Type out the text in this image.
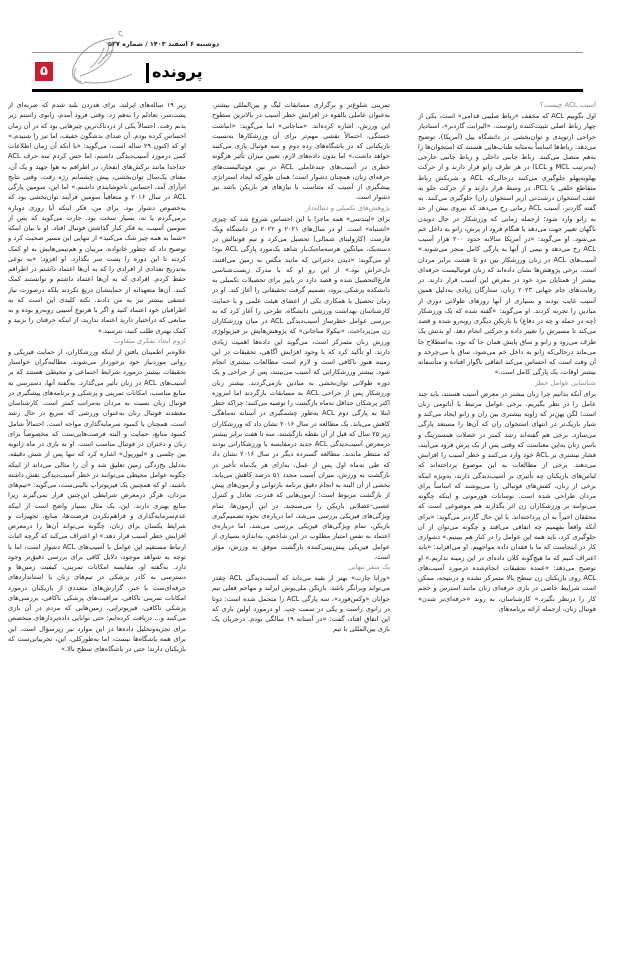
دوشنبه ۶ اسفند ۱۴۰۳ / شماره ۵۲۷
۵	پرونده
آسیب ACL چیست؟

اول بگوییم ACL که مخفف «رباط صلیبی قدامی» است، یکی از چهار رباط اصلی تثبیت‌کننده زانوست. «الیزابت گاردنر»، استادیار جراحی ارتوپدی و توان‌بخشی در دانشگاه ییل (آمریکا)، توضیح می‌دهد: رباط‌ها اساساً به‌مثابه طناب‌هایی هستند که استخوان‌ها را به‌هم متصل می‌کنند. رباط جانبی داخلی و رباط جانبی خارجی (به‌ترتیب MCL و LCL) در هر طرف زانو قرار دارند و از حرکت پهلوبه‌پهلو جلوگیری می‌کنند درحالی‌که ACL و شریکش رباط متقاطع خلفی یا PCL، در وسط قرار دارند و از حرکت جلو به عقب استخوان درشت‌نی (زیر استخوان ران) جلوگیری می‌کنند. به گفته گاردنر، آسیب ACL زمانی رخ می‌دهد که نیروی بیش از حد به زانو وارد شود؛ ازجمله زمانی که ورزشکار در حال دویدن ناگهان تغییر جهت می‌دهد یا هنگام فرود از پرش، زانو به داخل خم می‌شود. او می‌گوید: «در آمریکا سالانه حدود ۲۰۰ هزار آسیب ACL رخ می‌دهد و نیمی از آنها به پارگی کامل منجر می‌شوند.» آسیب‌های ACL در زنان ورزشکار بین دو تا هشت برابر مردان است. برخی پژوهش‌ها نشان داده‌اند که زنان فوتبالیست حرفه‌ای بیشتر از همتایان مرد خود در معرض این آسیب قرار دارند. در رقابت‌های جام جهانی ۲۰۲۳ زنان، ستارگان زیادی به‌دلیل همین آسیب غایب بودند و بسیاری از آنها روزهای طولانی دوری از میادین را تجربه کردند. او می‌گوید: «گفته شده که یک ورزشکار (چه در حمله و چه در دفاع) با بازیکن دیگری روبه‌رو شده و قصد می‌کند تا مسیرش را تغییر داده و حرکتی انجام دهد. او بدنش یک طرف می‌رود و زانو و ساق پایش همان جا که بود، به‌اصطلاح جا می‌ماند درحالی‌که زانو به داخل خم می‌شود، ساق پا می‌چرخد و آن وقت است که احساس می‌کند اتفاقی ناگوار افتاده و متأسفانه بیشتر اوقات، یک پارگی کامل است.»

شناسایی عوامل خطر

برای آنکه بدانیم چرا زنان بیشتر در معرض آسیب هستند، باید چند عامل را در نظر بگیریم. برخی عوامل مرتبط با آناتومی زنان است؛ لگن پهن‌تر که زاویه بیشتری بین ران و زانو ایجاد می‌کند و شیار باریک‌تر در انتهای استخوان ران که آن‌ها را مستعد پارگی می‌سازد. برخی هم گفته‌اند رشد کمتر در عضلات همسترینگ و باسن زنان به‌این معناست که وقتی پس از یک پرش فرود می‌آیند، فشار بیشتری بر ACL خود وارد می‌کنند و خطر آسیب را افزایش می‌دهند. برخی از مطالعات به این موضوع پرداخته‌اند که لباس‌های بازیکنان چه تأثیری بر آسیب‌دیدگی دارند، به‌ویژه اینکه برخی از زنان، کفش‌های فوتبالی را می‌پوشند که اساساً برای مردان طراحی شده است. نوسانات هورمونی و اینکه چگونه می‌توانند بر ورزشکاران زن اثر بگذارند هم موضوعی است که محققان اخیراً به آن پرداخته‌اند. با این حال گاردنر می‌گوید: «برای آنکه واقعاً بفهمیم چه اتفاقی می‌افتد و چگونه می‌توان از آن جلوگیری کرد، باید همه این عوامل را در کنار هم ببینیم.» دشواری کار در اینجاست که ما با فقدان داده مواجهیم. او می‌افزاید: «باید اعتراف کنیم که ما هیچ‌گونه کلان داده‌ای در این زمینه نداریم.» او توضیح می‌دهد: «عمده تحقیقات انجام‌شده درمورد آسیب‌های ACL روی بازیکنان زن سطح بالا متمرکز نشده و درنتیجه، ممکن است شرایط خاصی در بازی حرفه‌ای زنان مانند استرس و حجم کار را درنظر نگیرد.» کارشناسان، به روند «حرفه‌ای‌تر شدن» فوتبال زنان، ازجمله ارائه برنامه‌های

تمرینی شلوغ‌تر و برگزاری مسابقات لیگ و بین‌المللی بیشتر، به‌عنوان عاملی بالقوه در افزایش خطر آسیب در بالاترین سطوح این ورزش، اشاره کرده‌اند. «مناجانی» اما می‌گوید: «انباشت خستگی، احتمالاً نقشی مهم‌تر برای آن ورزشکارها به‌نسبت بازیکنانی که در باشگاه‌های رده دوم و سه فوتبال بازی می‌کنند خواهد داشت.» اما بدون داده‌های لازم، تعیین میزان تأثیر هرگونه خطری در آسیب‌های چندعاملی ACL در بین فوتبالیست‌های حرفه‌ای زنان، همچنان دشوار است؛ همان طورکه ایجاد استراتژی پیشگیری از آسیب که متناسب با نیازهای هر بازیکن باشد نیز دشوار است.

پژوهش‌های تکمیلی و دنباله‌دار

برای «لیندسی» همه ماجرا با این احساس شروع شد که چیزی «اشتباه» است. او در سال‌های ۲۰۲۱ و ۲۰۲۲ در دانشگاه ویک فارست (کارولینای شمالی) تحصیل می‌کرد و تیم فوتبالش در دسته‌یک، میانگین هرسه‌ماه‌یک‌بار شاهد یک‌مورد پارگی ACL بود؛ او می‌گوید: «دیدن دخترانی که مانند مگس به زمین می‌افتند، دل‌خراش بود.» از این رو او که با مدرک زیست‌شناسی فارغ‌التحصیل شده و قصد دارد در پاییز برای تحصیلات تکمیلی به دانشکده پزشکی برود، تصمیم گرفت تحقیقاتی را آغاز کند. او در زمان تحصیل با همکاری یکی از اعضای هیئت علمی و با حمایت کارشناسان بهداشت ورزشی دانشگاه، طرحی را آغاز کرد که به بررسی عوامل خطرساز آسیب‌دیدگی ACL در میان ورزشکاران زن می‌پرداخت. «نیکولا مناجانی» که پژوهش‌هایش بر فیزیولوژی ورزش زنان متمرکز است، می‌گوید این داده‌ها اهمیت زیادی دارند. او تأکید کرد که با وجود افزایش آگاهی، تحقیقات در این زمینه هنوز ناکافی است و لازم است مطالعات بیشتری انجام شود. بیشتر ورزشکارانی که آسیب می‌بینند، پس از جراحی و یک دوره طولانی توان‌بخشی به میادین بازمی‌گردند. بیشتر زنان ورزشکار پس از جراحی ACL به مسابقات بازگردند اما امروزه اکثر پزشکان حداقل نه‌ماه بازگشت را توصیه می‌کنند؛ چراکه خطر ابتلا به پارگی دوم ACL به‌طور چشمگیری در آستانه نه‌ماهگی کاهش می‌یابد. یک مطالعه در سال ۲۰۱۶ نشان داد که ورزشکاران زیر ۲۵ سال که قبل از آن نقطه بازگشتند، سه تا هفت برابر بیشتر درمعرض آسیب‌دیدگی ACL جدید درمقایسه با ورزشکارانی بودند که منتظر ماندند. مطالعه گسترده دیگر در سال ۲۰۱۶ نشان داد که طی نه‌ماه اول پس از عمل، به‌ازای هر یک‌ماه تأخیر در بازگشت به ورزش، میزان آسیب مجدد ۵۱ درصد کاهش می‌یابد. بخشی از آن البته به انجام دقیق برنامه بازتوانی و آزمون‌های پیش از بازگشت مربوط است؛ آزمون‌هایی که قدرت، تعادل و کنترل عصبی-عضلانی بازیکن را می‌سنجند. در این آزمون‌ها، تمام ویژگی‌های فیزیکی بررسی می‌شد، اما درباره‌ی نحوه تصمیم‌گیری بازیکن، تمام ویژگی‌های فیزیکی بررسی می‌شد، اما درباره‌ی اعتماد به نفس امتیاز مطلوب در این شاخص، به‌اندازه بسیاری از عوامل فیزیکی پیش‌بینی‌کننده بازگشت موفق به ورزش، مؤثر است.

یک سفر تنهایی

«ورانا جارت» بهتر از بقیه می‌داند که آسیب‌دیدگی ACL چقدر می‌تواند ویرانگر باشد. بازیکن ملی‌پوش ایرلند و مهاجم فعلی تیم جوانان «وکس‌فورد»، سه پارگی ACL را متحمل شده است: دوتا در زانوی راست و یکی در سمت چپ. او درمورد اولین باری که این اتفاق افتاد، گفت: «در آستانه ۱۹ سالگی بودم. درجریان یک بازی بین‌المللی با تیم

زیر ۱۹ ساله‌های ایرلند، برای هدزدن بلند شدم که ضربه‌ای از پشت‌سر، تعادلم را به‌هم زد. وقتی فرود آمدم، زانوی راستم زیر بدنم رفت. احتمالاً یکی از دردناک‌ترین چیزهایی بود که در آن زمان احساس کرده بودم. آن صدای بدشگون خفیف، اما تیز را شنیدم.» او که اکنون ۲۹ ساله است، می‌گوید: «با آنکه آن زمان اطلاعات کمی درمورد آسیب‌دیدگی داشتم، اما حس کردم سه حرف ACL جداجدا مانند ترکش‌های انفجار، در اطرافم به هوا جهید و یک آن، معنای یک‌سال توان‌بخشی، پیش چشمانم رژه رفت. وقتی نتایج ام‌آرای آمد، احساس ناخوشایندی داشتم.» اما این، سومین پارگی ACL در سال ۲۰۱۶ و متعاقباً سومین فرآیند توان‌بخشی بود که به‌خصوص دشوار بود. برای من، فکر اینکه آیا روزی دوباره برمی‌گردم یا نه، بسیار سخت بود. جارت می‌گوید که پس از سومین آسیب، به فکر کنار گذاشتن فوتبال افتاد. او با بیان اینکه «شما به همه چیز شک می‌کنید» از تنهایی این مسیر صحبت کرد و توضیح داد که چطور خانواده، مربیان و هم‌تیمی‌هایش به او کمک کردند تا این دوره را پشت سر بگذارد. او افزود: «به نوعی به‌تدریج تعدادی از افرادی را که به آن‌ها اعتماد داشتم در اطرافم حفظ کردم. افرادی که به آن‌ها اعتماد داشتم و توانستند کمک کنند. آن‌ها متعهدانه از حمایتشان دریغ نکردند بلکه درصورت نیاز عشقی بیشتر نیز به من دادند. نکته کلیدی این است که به اطرافیان خود اعتماد کنید و اگر با هرنوع آسیبی روبه‌رو بوده و به منابعی که دراختیار دارید اعتماد ندارید، از اینکه حرفتان را بزنید و کمک بهتری طلب کنید، نترسید.»

لزوم ایجاد تفکری متفاوت

علاوه‌بر اطمینان یافتن از اینکه ورزشکاران، از حمایت فیزیکی و روانی موردنیاز خود برخوردار می‌شوند، مطالبه‌گران خواستار تحقیقات بیشتر درمورد شرایط اجتماعی و محیطی هستند که بر آسیب‌های ACL در زنان تأثیر می‌گذارد. به‌گفته آنها، دسترسی به منابع مناسب، امکانات تمرینی و پزشکی و برنامه‌های پیشگیری در فوتبال زنان نسبت به مردان به‌مراتب کمتر است. کارشناسان معتقدند فوتبال زنان به‌عنوان ورزشی که سریع در حال رشد است، همچنان با کمبود سرمایه‌گذاری مواجه است. احتمالاً شامل کمبود منابع، حمایت و البته فرصت‌هایی‌ست که مخصوصاً برای زنان و دختران در فوتبال مناسب است. او به بازی در ماه ژانویه بین چلسی و «لیورپول» اشاره کرد که تنها پس از شش دقیقه، به‌دلیل یخ‌زدگی زمین تعلیق شد و آن را مثالی می‌داند از اینکه چگونه عوامل محیطی می‌توانند در خطر آسیب‌دیدگی نقش داشته باشند. او که همچنین یک فیزیوتراپ بالینی‌ست، می‌گوید: «تیم‌های مردان، هرگز درمعرض شرایطی این‌چنین قرار نمی‌گیرند زیرا منابع بهتری دارند. این، یک مثال بسیار واضح است از اینکه عدم‌سرمایه‌گذاری و فراهم‌نکردن فرصت‌ها، منابع، تجهیزات و شرایط یکسان برای زنان، چگونه می‌تواند آن‌ها را درمعرض افزایش خطر آسیب قرار دهد.» او اعتراف می‌کند که گرچه اثبات ارتباط مستقیم این عوامل با آسیب‌های ACL دشوار است، اما با توجه به شواهد موجود، دلایل کافی برای بررسی دقیق‌تر وجود دارد. به‌گفته او، مقایسه امکانات تمرینی، کیفیت زمین‌ها و دسترسی به کادر پزشکی در تیم‌های زنان با استانداردهای حرفه‌ای‌ست با خبر. گزارش‌های متعددی از بازیکنان درمورد امکانات تمرینی ناکافی، مراقبت‌های پزشکی ناکافی، بررسی‌های پزشکی ناکافی، فیزیوتراپی، زمین‌هایی که مردم در آن بازی می‌کنند و... دریافت کرده‌ایم؛ حتی توانایی داده‌پردازهای متخصص برای تجزیه‌وتحلیل داده‌ها در این موارد نیز زیرسؤال است. این برای همه باشگاه‌ها نیست، اما به‌طورکلی، این، تجربیاتی‌ست که بازیکنان دارند؛ حتی در باشگاه‌های سطح بالا.»
